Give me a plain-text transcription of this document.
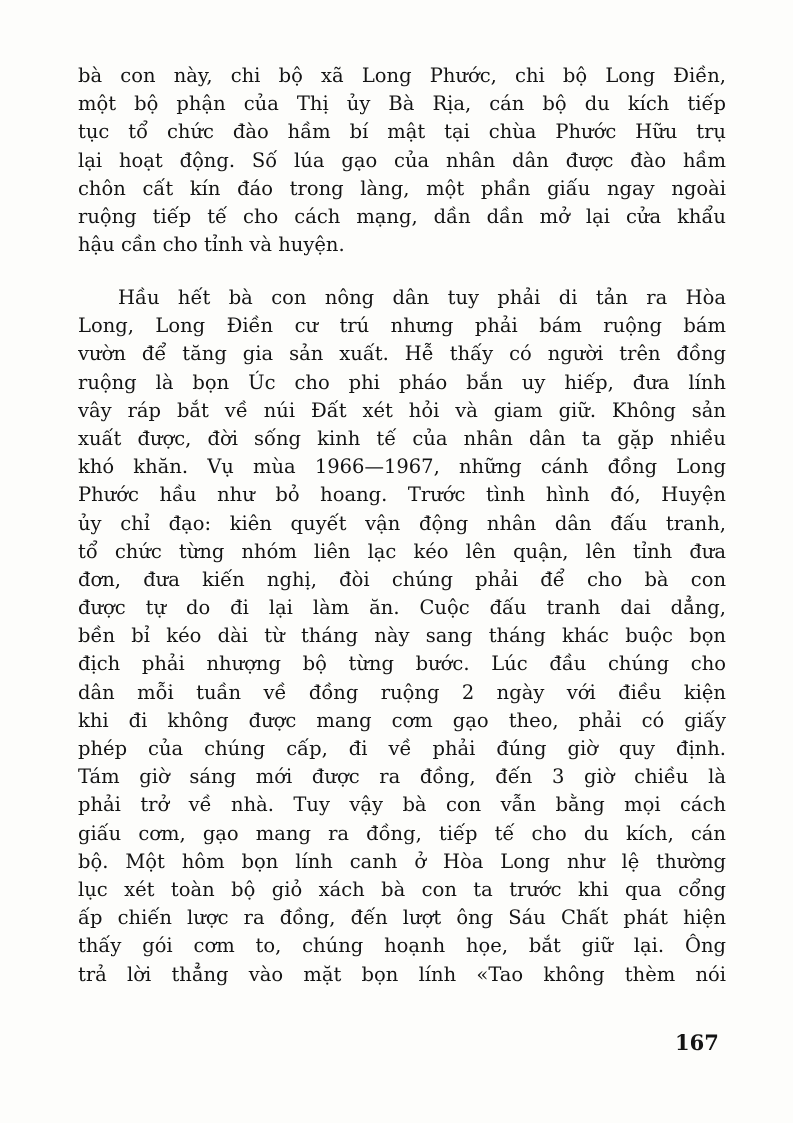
bà con này, chi bộ xã Long Phước, chi bộ Long Điền,
một bộ phận của Thị ủy Bà Rịa, cán bộ du kích tiếp
tục tổ chức đào hầm bí mật tại chùa Phước Hữu trụ
lại hoạt động. Số lúa gạo của nhân dân được đào hầm
chôn cất kín đáo trong làng, một phần giấu ngay ngoài
ruộng tiếp tế cho cách mạng, dần dần mở lại cửa khẩu
hậu cần cho tỉnh và huyện.
Hầu hết bà con nông dân tuy phải di tản ra Hòa
Long, Long Điền cư trú nhưng phải bám ruộng bám
vườn để tăng gia sản xuất. Hễ thấy có người trên đồng
ruộng là bọn Úc cho phi pháo bắn uy hiếp, đưa lính
vây ráp bắt về núi Đất xét hỏi và giam giữ. Không sản
xuất được, đời sống kinh tế của nhân dân ta gặp nhiều
khó khăn. Vụ mùa 1966—1967, những cánh đồng Long
Phước hầu như bỏ hoang. Trước tình hình đó, Huyện
ủy chỉ đạo: kiên quyết vận động nhân dân đấu tranh,
tổ chức từng nhóm liên lạc kéo lên quận, lên tỉnh đưa
đơn, đưa kiến nghị, đòi chúng phải để cho bà con
được tự do đi lại làm ăn. Cuộc đấu tranh dai dẳng,
bền bỉ kéo dài từ tháng này sang tháng khác buộc bọn
địch phải nhượng bộ từng bước. Lúc đầu chúng cho
dân mỗi tuần về đồng ruộng 2 ngày với điều kiện
khi đi không được mang cơm gạo theo, phải có giấy
phép của chúng cấp, đi về phải đúng giờ quy định.
Tám giờ sáng mới được ra đồng, đến 3 giờ chiều là
phải trở về nhà. Tuy vậy bà con vẫn bằng mọi cách
giấu cơm, gạo mang ra đồng, tiếp tế cho du kích, cán
bộ. Một hôm bọn lính canh ở Hòa Long như lệ thường
lục xét toàn bộ giỏ xách bà con ta trước khi qua cổng
ấp chiến lược ra đồng, đến lượt ông Sáu Chất phát hiện
thấy gói cơm to, chúng hoạnh họe, bắt giữ lại. Ông
trả lời thẳng vào mặt bọn lính «Tao không thèm nói
167
